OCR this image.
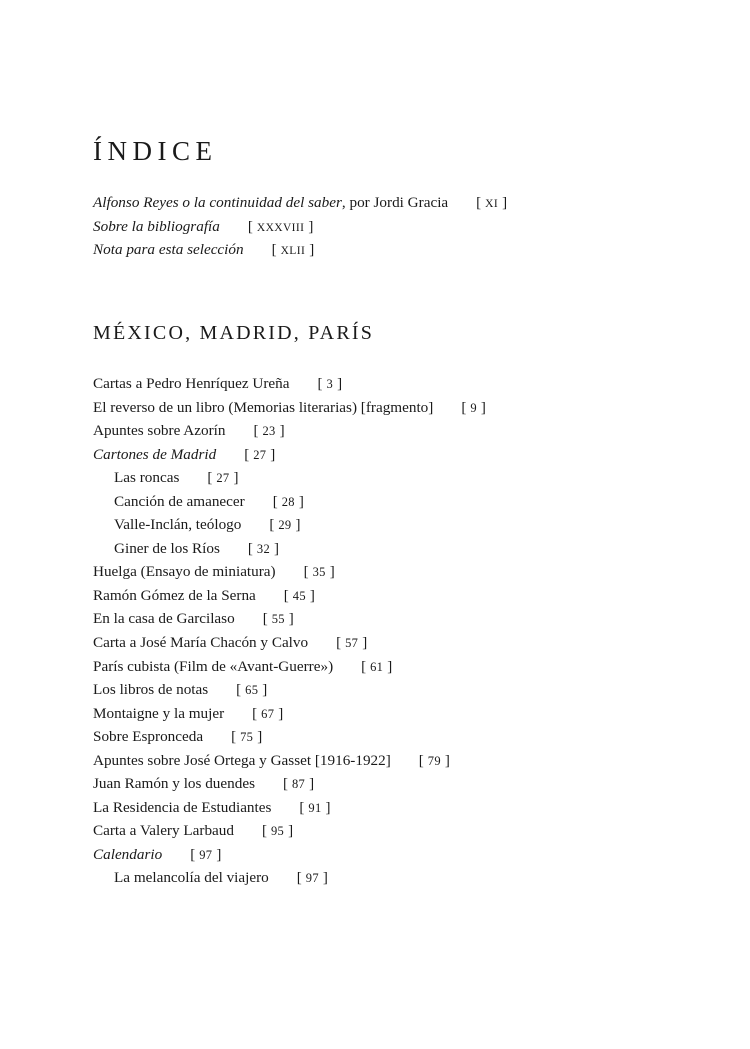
ÍNDICE
Alfonso Reyes o la continuidad del saber, por Jordi Gracia [ XI ]
Sobre la bibliografía [ XXXVIII ]
Nota para esta selección [ XLII ]
MÉXICO, MADRID, PARÍS
Cartas a Pedro Henríquez Ureña [ 3 ]
El reverso de un libro (Memorias literarias) [fragmento] [ 9 ]
Apuntes sobre Azorín [ 23 ]
Cartones de Madrid [ 27 ]
Las roncas [ 27 ]
Canción de amanecer [ 28 ]
Valle-Inclán, teólogo [ 29 ]
Giner de los Ríos [ 32 ]
Huelga (Ensayo de miniatura) [ 35 ]
Ramón Gómez de la Serna [ 45 ]
En la casa de Garcilaso [ 55 ]
Carta a José María Chacón y Calvo [ 57 ]
París cubista (Film de «Avant-Guerre») [ 61 ]
Los libros de notas [ 65 ]
Montaigne y la mujer [ 67 ]
Sobre Espronceda [ 75 ]
Apuntes sobre José Ortega y Gasset [1916-1922] [ 79 ]
Juan Ramón y los duendes [ 87 ]
La Residencia de Estudiantes [ 91 ]
Carta a Valery Larbaud [ 95 ]
Calendario [ 97 ]
La melancolía del viajero [ 97 ]
